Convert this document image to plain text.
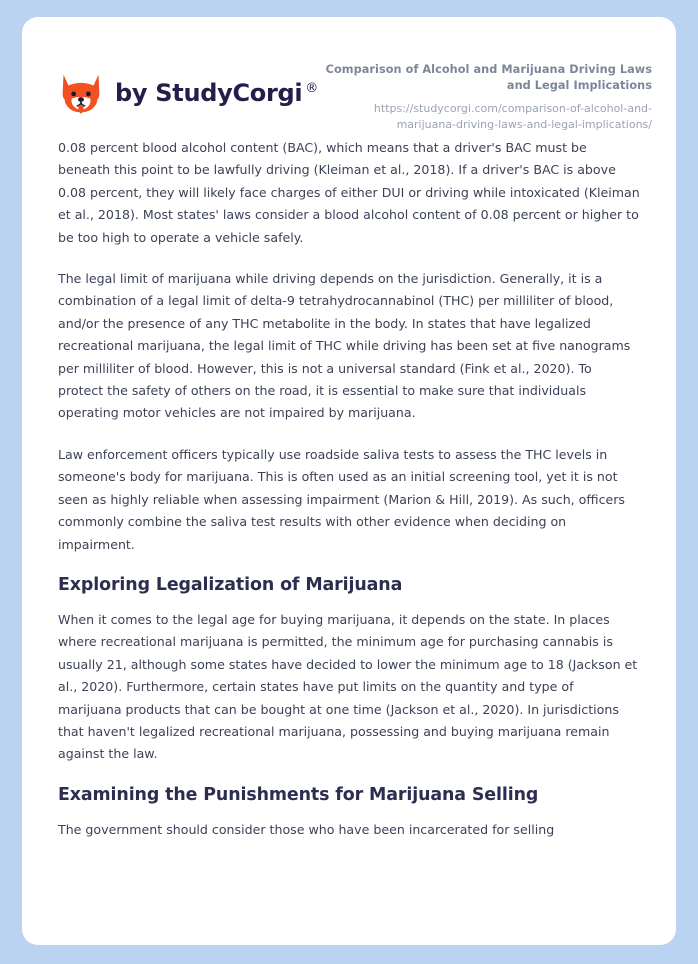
by StudyCorgi ®
Comparison of Alcohol and Marijuana Driving Laws and Legal Implications
https://studycorgi.com/comparison-of-alcohol-and-marijuana-driving-laws-and-legal-implications/

0.08 percent blood alcohol content (BAC), which means that a driver's BAC must be beneath this point to be lawfully driving (Kleiman et al., 2018). If a driver's BAC is above 0.08 percent, they will likely face charges of either DUI or driving while intoxicated (Kleiman et al., 2018). Most states' laws consider a blood alcohol content of 0.08 percent or higher to be too high to operate a vehicle safely.

The legal limit of marijuana while driving depends on the jurisdiction. Generally, it is a combination of a legal limit of delta-9 tetrahydrocannabinol (THC) per milliliter of blood, and/or the presence of any THC metabolite in the body. In states that have legalized recreational marijuana, the legal limit of THC while driving has been set at five nanograms per milliliter of blood. However, this is not a universal standard (Fink et al., 2020). To protect the safety of others on the road, it is essential to make sure that individuals operating motor vehicles are not impaired by marijuana.

Law enforcement officers typically use roadside saliva tests to assess the THC levels in someone's body for marijuana. This is often used as an initial screening tool, yet it is not seen as highly reliable when assessing impairment (Marion & Hill, 2019). As such, officers commonly combine the saliva test results with other evidence when deciding on impairment.

Exploring Legalization of Marijuana

When it comes to the legal age for buying marijuana, it depends on the state. In places where recreational marijuana is permitted, the minimum age for purchasing cannabis is usually 21, although some states have decided to lower the minimum age to 18 (Jackson et al., 2020). Furthermore, certain states have put limits on the quantity and type of marijuana products that can be bought at one time (Jackson et al., 2020). In jurisdictions that haven't legalized recreational marijuana, possessing and buying marijuana remain against the law.

Examining the Punishments for Marijuana Selling

The government should consider those who have been incarcerated for selling
